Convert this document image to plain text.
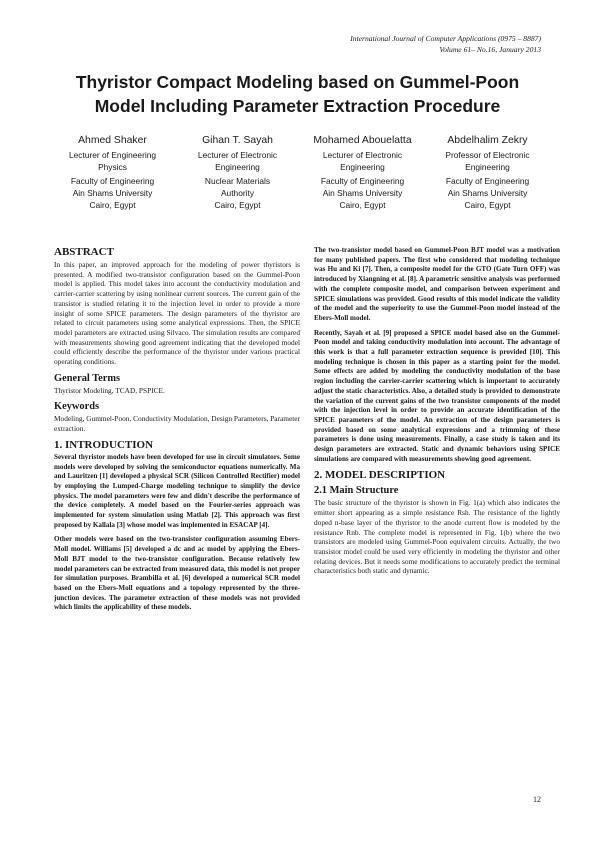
International Journal of Computer Applications (0975 – 8887)
Volume 61– No.16, January 2013
Thyristor Compact Modeling based on Gummel-Poon
Model Including Parameter Extraction Procedure
Ahmed Shaker
Lecturer of Engineering
Physics
Faculty of Engineering
Ain Shams University
Cairo, Egypt
Gihan T. Sayah
Lecturer of Electronic
Engineering
Nuclear Materials
Authority
Cairo, Egypt
Mohamed Abouelatta
Lecturer of Electronic
Engineering
Faculty of Engineering
Ain Shams University
Cairo, Egypt
Abdelhalim Zekry
Professor of Electronic
Engineering
Faculty of Engineering
Ain Shams University
Cairo, Egypt
ABSTRACT
In this paper, an improved approach for the modeling of power thyristors is presented. A modified two-transistor configuration based on the Gummel-Poon model is applied. This model takes into account the conductivity modulation and carrier-carrier scattering by using nonlinear current sources. The current gain of the transistor is studied relating it to the injection level in order to provide a more insight of some SPICE parameters. The design parameters of the thyristor are related to circuit parameters using some analytical expressions. Then, the SPICE model parameters are extracted using Silvaco. The simulation results are compared with measurements showing good agreement indicating that the developed model could efficiently describe the performance of the thyristor under various practical operating conditions.
General Terms
Thyristor Modeling, TCAD, PSPICE.
Keywords
Modeling, Gummel-Poon, Conductivity Modulation, Design Parameters, Parameter extraction.
1. INTRODUCTION
Several thyristor models have been developed for use in circuit simulators. Some models were developed by solving the semiconductor equations numerically. Ma and Lauritzen [1] developed a physical SCR (Silicon Controlled Rectifier) model by employing the Lumped-Charge modeling technique to simplify the device physics. The model parameters were few and didn't describe the performance of the device completely. A model based on the Fourier-series approach was implemented for system simulation using Matlab [2]. This approach was first proposed by Kallala [3] whose model was implemented in ESACAP [4].
Other models were based on the two-transistor configuration assuming Ebers-Moll model. Williams [5] developed a dc and ac model by applying the Ebers-Moll BJT model to the two-transistor configuration. Because relatively few model parameters can be extracted from measured data, this model is not proper for simulation purposes. Brambilla et al. [6] developed a numerical SCR model based on the Ebers-Moll equations and a topology represented by the three-junction devices. The parameter extraction of these models was not provided which limits the applicability of these models.
The two-transistor model based on Gummel-Poon BJT model was a motivation for many published papers. The first who considered that modeling technique was Hu and Ki [7]. Then, a composite model for the GTO (Gate Turn OFF) was introduced by Xiangning et al. [8]. A parametric sensitive analysis was performed with the complete composite model, and comparison between experiment and SPICE simulations was provided. Good results of this model indicate the validity of the model and the superiority to use the Gummel-Poon model instead of the Ebers-Moll model.
Recently, Sayah et al. [9] proposed a SPICE model based also on the Gummel-Poon model and taking conductivity modulation into account. The advantage of this work is that a full parameter extraction sequence is provided [10]. This modeling technique is chosen in this paper as a starting point for the model. Some effects are added by modeling the conductivity modulation of the base region including the carrier-carrier scattering which is important to accurately adjust the static characteristics. Also, a detailed study is provided to demonstrate the variation of the current gains of the two transistor components of the model with the injection level in order to provide an accurate identification of the SPICE parameters of the model. An extraction of the design parameters is provided based on some analytical expressions and a trimming of these parameters is done using measurements. Finally, a case study is taken and its design parameters are extracted. Static and dynamic behaviors using SPICE simulations are compared with measurements showing good agreement.
2. MODEL DESCRIPTION
2.1 Main Structure
The basic structure of the thyristor is shown in Fig. 1(a) which also indicates the emitter short appearing as a simple resistance Rsh. The resistance of the lightly doped n-base layer of the thyristor to the anode current flow is modeled by the resistance Rnb. The complete model is represented in Fig. 1(b) where the two transistors are modeled using Gummel-Poon equivalent circuits. Actually, the two transistor model could be used very efficiently in modeling the thyristor and other relating devices. But it needs some modifications to accurately predict the terminal characteristics both static and dynamic.
12
